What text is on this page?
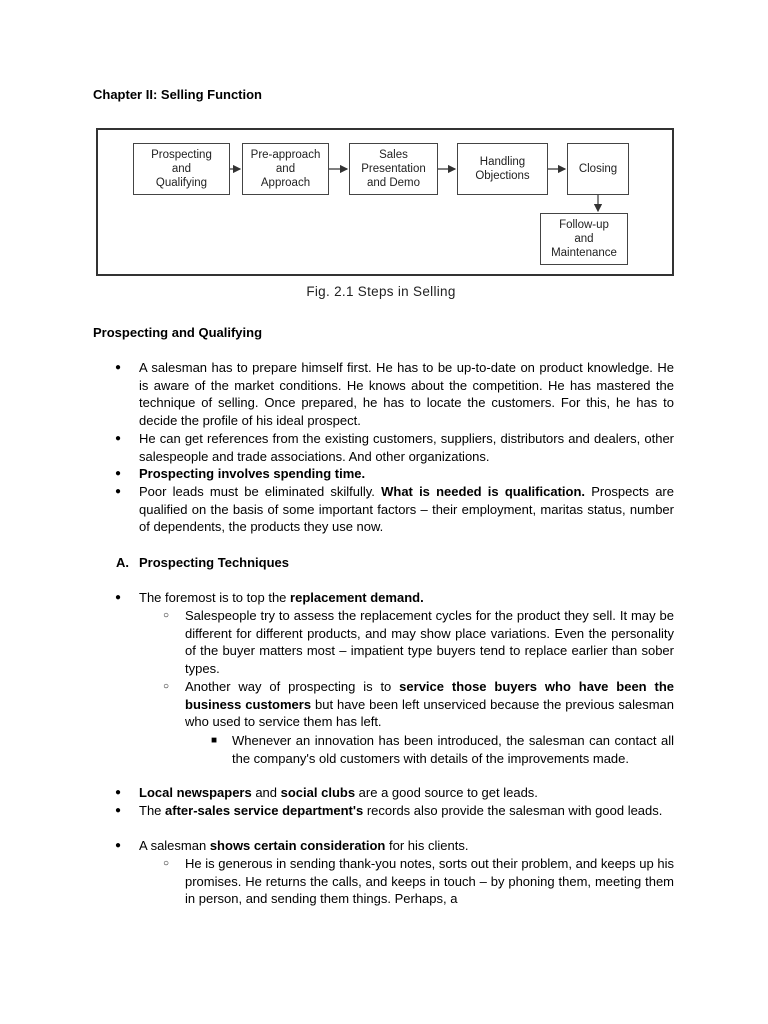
Chapter II: Selling Function
Prospecting
and
Qualifying
Pre-approach
and
Approach
Sales
Presentation
and Demo
Handling
Objections
Closing
Follow-up
and
Maintenance
Fig. 2.1 Steps in Selling
Prospecting and Qualifying
● A salesman has to prepare himself first. He has to be up-to-date on product knowledge. He is aware of the market conditions. He knows about the competition. He has mastered the technique of selling. Once prepared, he has to locate the customers. For this, he has to decide the profile of his ideal prospect.
● He can get references from the existing customers, suppliers, distributors and dealers, other salespeople and trade associations. And other organizations.
● Prospecting involves spending time.
● Poor leads must be eliminated skilfully. What is needed is qualification. Prospects are qualified on the basis of some important factors – their employment, maritas status, number of dependents, the products they use now.
A. Prospecting Techniques
● The foremost is to top the replacement demand.
○ Salespeople try to assess the replacement cycles for the product they sell. It may be different for different products, and may show place variations. Even the personality of the buyer matters most – impatient type buyers tend to replace earlier than sober types.
○ Another way of prospecting is to service those buyers who have been the business customers but have been left unserviced because the previous salesman who used to service them has left.
■ Whenever an innovation has been introduced, the salesman can contact all the company's old customers with details of the improvements made.
● Local newspapers and social clubs are a good source to get leads.
● The after-sales service department's records also provide the salesman with good leads.
● A salesman shows certain consideration for his clients.
○ He is generous in sending thank-you notes, sorts out their problem, and keeps up his promises. He returns the calls, and keeps in touch – by phoning them, meeting them in person, and sending them things. Perhaps, a
